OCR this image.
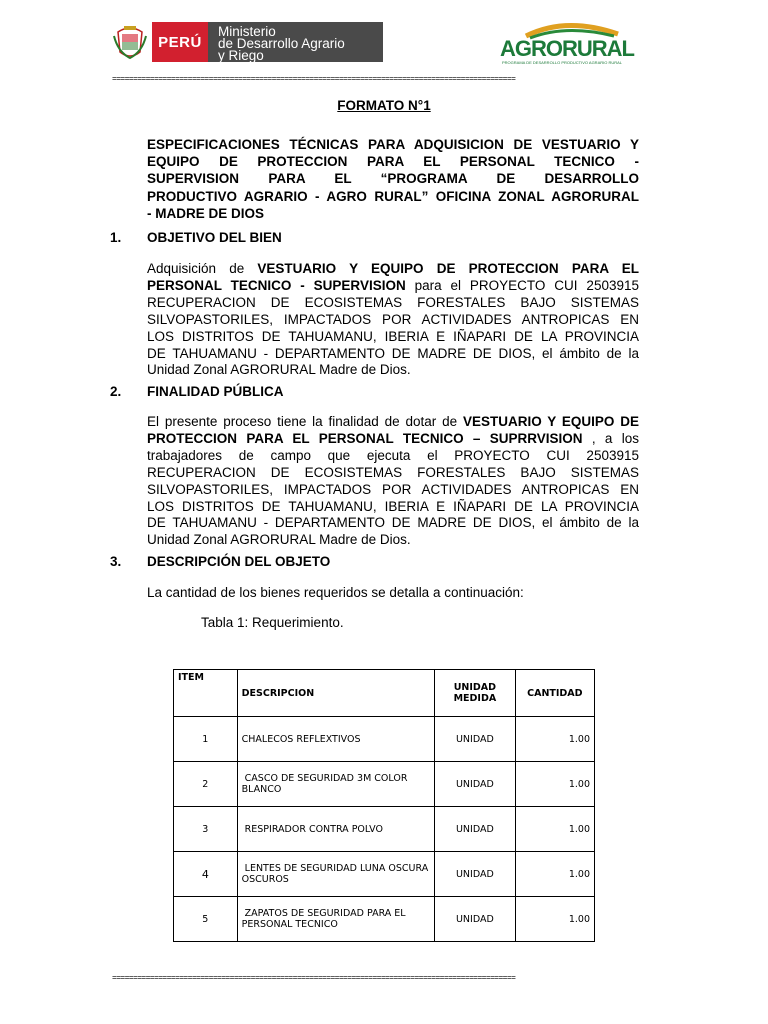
PERÚ
Ministerio
de Desarrollo Agrario
y Riego	AGRORURAL
PROGRAMA DE DESARROLLO PRODUCTIVO AGRARIO RURAL
================================================================================================
FORMATO N°1
ESPECIFICACIONES TÉCNICAS PARA ADQUISICION DE VESTUARIO Y
EQUIPO DE PROTECCION PARA EL PERSONAL TECNICO -
SUPERVISION PARA EL “PROGRAMA DE DESARROLLO
PRODUCTIVO AGRARIO - AGRO RURAL” OFICINA ZONAL AGRORURAL
- MADRE DE DIOS
1. OBJETIVO DEL BIEN
Adquisición de VESTUARIO Y EQUIPO DE PROTECCION PARA EL
PERSONAL TECNICO - SUPERVISION para el PROYECTO CUI 2503915
RECUPERACION DE ECOSISTEMAS FORESTALES BAJO SISTEMAS
SILVOPASTORILES, IMPACTADOS POR ACTIVIDADES ANTROPICAS EN
LOS DISTRITOS DE TAHUAMANU, IBERIA E IÑAPARI DE LA PROVINCIA
DE TAHUAMANU - DEPARTAMENTO DE MADRE DE DIOS, el ámbito de la
Unidad Zonal AGRORURAL Madre de Dios.
2. FINALIDAD PÚBLICA
El presente proceso tiene la finalidad de dotar de VESTUARIO Y EQUIPO DE
PROTECCION PARA EL PERSONAL TECNICO – SUPRRVISION , a los
trabajadores de campo que ejecuta el PROYECTO CUI 2503915
RECUPERACION DE ECOSISTEMAS FORESTALES BAJO SISTEMAS
SILVOPASTORILES, IMPACTADOS POR ACTIVIDADES ANTROPICAS EN
LOS DISTRITOS DE TAHUAMANU, IBERIA E IÑAPARI DE LA PROVINCIA
DE TAHUAMANU - DEPARTAMENTO DE MADRE DE DIOS, el ámbito de la
Unidad Zonal AGRORURAL Madre de Dios.
3. DESCRIPCIÓN DEL OBJETO
La cantidad de los bienes requeridos se detalla a continuación:
Tabla 1: Requerimiento.
ITEM	DESCRIPCION	UNIDAD MEDIDA	CANTIDAD
1	CHALECOS REFLEXTIVOS	UNIDAD	1.00
2	CASCO DE SEGURIDAD 3M COLOR BLANCO	UNIDAD	1.00
3	RESPIRADOR CONTRA POLVO	UNIDAD	1.00
4	LENTES DE SEGURIDAD LUNA OSCURA OSCUROS	UNIDAD	1.00
5	ZAPATOS DE SEGURIDAD PARA EL PERSONAL TECNICO	UNIDAD	1.00
================================================================================================
